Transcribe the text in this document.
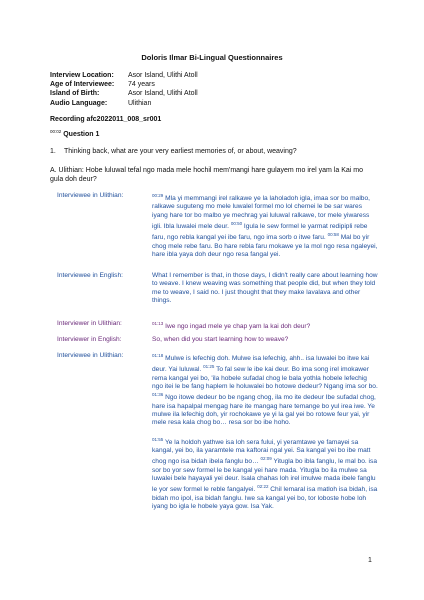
Doloris Ilmar Bi-Lingual Questionnaires
Interview Location:	Asor Island, Ulithi Atoll
Age of Interviewee:	74 years
Island of Birth:	Asor Island, Ulithi Atoll
Audio Language:	Ulithian
Recording afc2022011_008_sr001
$^{00:02}$ Question 1
1. Thinking back, what are your very earliest memories of, or about, weaving?
A. Ulithian: Hobe luluwal tefal ngo mada mele hochil mem'mangi hare gulayem mo irel yam la Kai mo gula doh deur?
Interviewee in Ulithian:	$^{00:29}$ Mla yi memmangi irel ralkawe ye la laholadoh igla, imaa sor bo malbo, ralkawe suguteng mo mele luwalel formel mo lol chemei le be sar wares iyang hare tor bo malbo ye mechrag yai luluwal ralkawe, tor mele yiwaress igli. Ibla luwalei mele deur. $^{00:50}$ Igula le sew formel le yarmat redipipli rebe faru, ngo rebla kangal yei ibe faru, ngo ima sorb o itwe faru. $^{00:58}$ Mal bo yir chog mele rebe faru. Bo hare rebla faru mokawe ye la mol ngo resa ngaleyei, hare ibla yaya doh deur ngo resa fangal yei.
Interviewee in English:	What I remember is that, in those days, I didn't really care about learning how to weave. I knew weaving was something that people did, but when they told me to weave, I said no. I just thought that they make lavalava and other things.
Interviewer in Ulithian:	$^{01:13}$ Iwe ngo ingad mele ye chap yam la kai doh deur?
Interviewer in English:	So, when did you start learning how to weave?
Interviewee in Ulithian:	$^{01:18}$ Mulwe is lefechig doh. Mulwe isa lefechig, ahh.. isa luwalei bo itwe kai deur. Yai luluwal. $^{01:25}$ To fal sew le ibe kai deur. Bo ima song irel imokawer rema kangal yei bo, 'ila hobele sufadal chog le bala yothla hobele lefechig ngo itei le be fang haplem le holuwalei bo hotowe dedeur? Ngang ima sor bo. $^{01:36}$ Ngo itowe dedeur bo be ngang chog, ila mo ite dedeur Ibe sufadal chog, hare isa hapalpal mengag hare ite mangag hare temange bo yul irea iwe. Ye mulwe ila lefechig doh, yir rochokawe ye yi la gal yei bo rotowe feur yai, yir mele resa kala chog bo… resa sor bo ibe hoho.
$^{01:55}$ Ye la holdoh yathwe isa loh sera fului, yi yeramtawe ye famayei sa kangal, yei bo, ila yaramtele ma kaftorai ngal yei. Sa kangal yei bo ibe matt chog ngo isa bidah ibela fanglu bo… $^{02:09}$ Yitugla bo ibla fanglu, le mal bo. isa sor bo yor sew formel le be kangal yei hare mada. Yitugla bo ila mulwe sa luwalei bele hayayali yei deur. Isala chahas loh irel imulwe mada ibele fanglu le yor sew formel le reble fangalyei. $^{02:22}$ Chil lemaral isa matloh isa bidah, isa bidah mo ipol, isa bidah fanglu. Iwe sa kangal yei bo, tor loboste hobe loh iyang bo igla le hobele yaya gow. Isa Yak.
1
